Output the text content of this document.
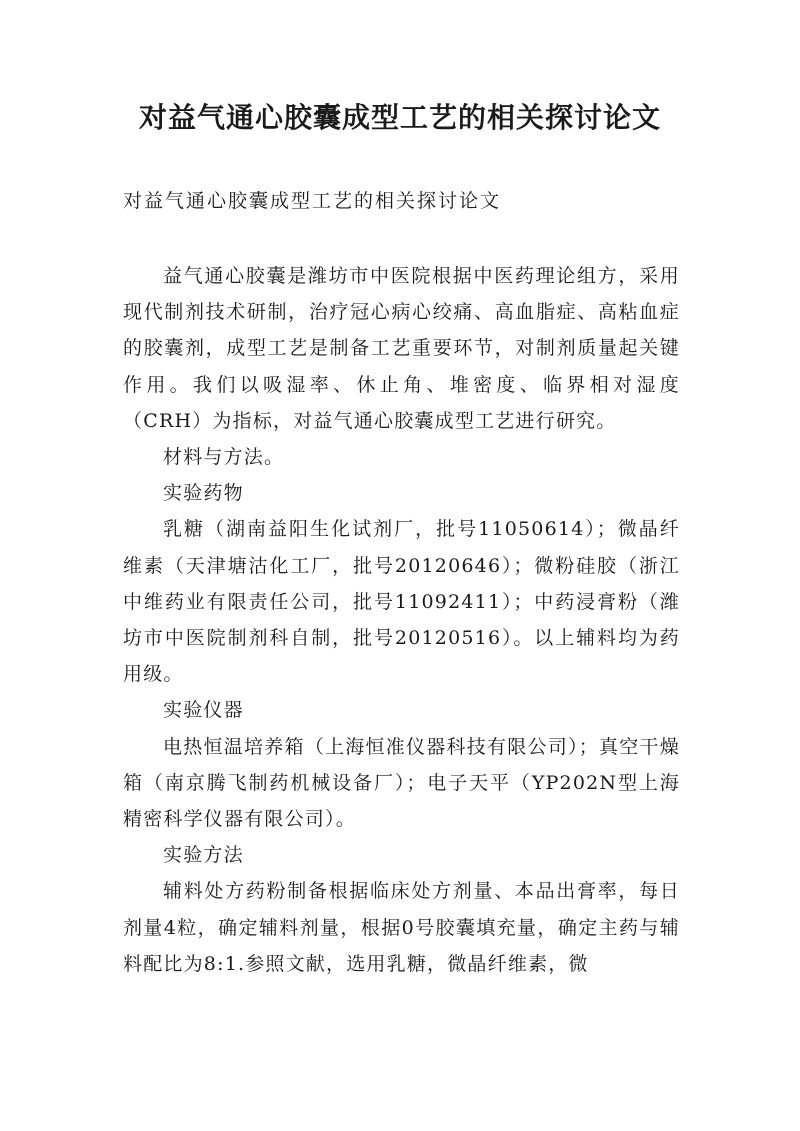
对益气通心胶囊成型工艺的相关探讨论文

对益气通心胶囊成型工艺的相关探讨论文

益气通心胶囊是潍坊市中医院根据中医药理论组方，采用现代制剂技术研制，治疗冠心病心绞痛、高血脂症、高粘血症的胶囊剂，成型工艺是制备工艺重要环节，对制剂质量起关键作用。我们以吸湿率、休止角、堆密度、临界相对湿度（CRH）为指标，对益气通心胶囊成型工艺进行研究。

材料与方法。

实验药物

乳糖（湖南益阳生化试剂厂，批号11050614）；微晶纤维素（天津塘沽化工厂，批号20120646）；微粉硅胶（浙江中维药业有限责任公司，批号11092411）；中药浸膏粉（潍坊市中医院制剂科自制，批号20120516）。以上辅料均为药用级。

实验仪器

电热恒温培养箱（上海恒准仪器科技有限公司）；真空干燥箱（南京腾飞制药机械设备厂）；电子天平（YP202N型上海精密科学仪器有限公司）。

实验方法

辅料处方药粉制备根据临床处方剂量、本品出膏率，每日剂量4粒，确定辅料剂量，根据0号胶囊填充量，确定主药与辅料配比为8:1.参照文献，选用乳糖，微晶纤维素，微
